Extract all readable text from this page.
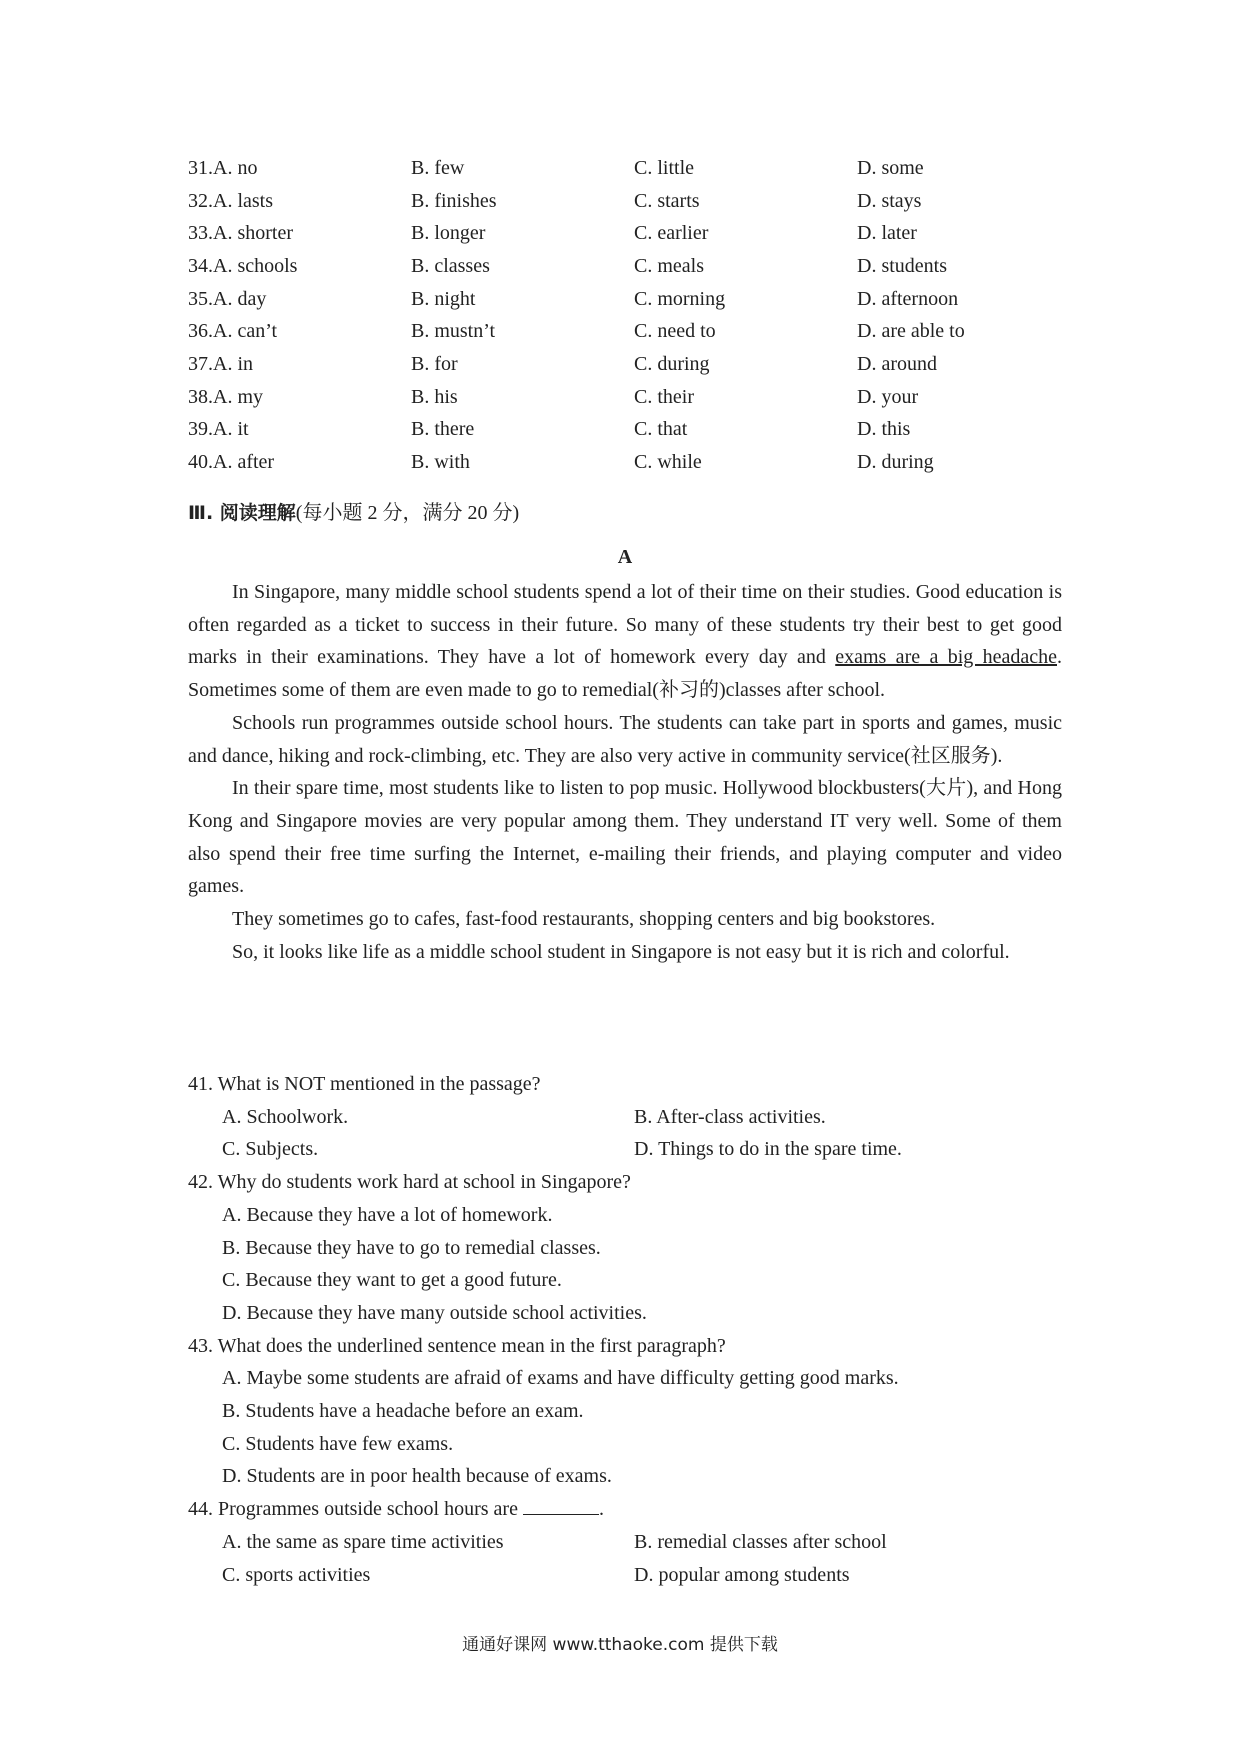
31.A. no	B. few	C. little	D. some
32.A. lasts	B. finishes	C. starts	D. stays
33.A. shorter	B. longer	C. earlier	D. later
34.A. schools	B. classes	C. meals	D. students
35.A. day	B. night	C. morning	D. afternoon
36.A. can’t	B. mustn’t	C. need to	D. are able to
37.A. in	B. for	C. during	D. around
38.A. my	B. his	C. their	D. your
39.A. it	B. there	C. that	D. this
40.A. after	B. with	C. while	D. during
Ⅲ. 阅读理解(每小题 2 分，满分 20 分)
A

In Singapore, many middle school students spend a lot of their time on their studies. Good education is often regarded as a ticket to success in their future. So many of these students try their best to get good marks in their examinations. They have a lot of homework every day and exams are a big headache. Sometimes some of them are even made to go to remedial(补习的)classes after school.

Schools run programmes outside school hours. The students can take part in sports and games, music and dance, hiking and rock-climbing, etc. They are also very active in community service(社区服务).

In their spare time, most students like to listen to pop music. Hollywood blockbusters(大片), and Hong Kong and Singapore movies are very popular among them. They understand IT very well. Some of them also spend their free time surfing the Internet, e-mailing their friends, and playing computer and video games.

They sometimes go to cafes, fast-food restaurants, shopping centers and big bookstores.

So, it looks like life as a middle school student in Singapore is not easy but it is rich and colorful.

41. What is NOT mentioned in the passage?

A. Schoolwork.	B. After-class activities.
C. Subjects.	D. Things to do in the spare time.

42. Why do students work hard at school in Singapore?

A. Because they have a lot of homework.

B. Because they have to go to remedial classes.

C. Because they want to get a good future.

D. Because they have many outside school activities.

43. What does the underlined sentence mean in the first paragraph?

A. Maybe some students are afraid of exams and have difficulty getting good marks.

B. Students have a headache before an exam.

C. Students have few exams.

D. Students are in poor health because of exams.

44. Programmes outside school hours are	.

A. the same as spare time activities	B. remedial classes after school
C. sports activities	D. popular among students
通通好课网 www.tthaoke.com 提供下载
